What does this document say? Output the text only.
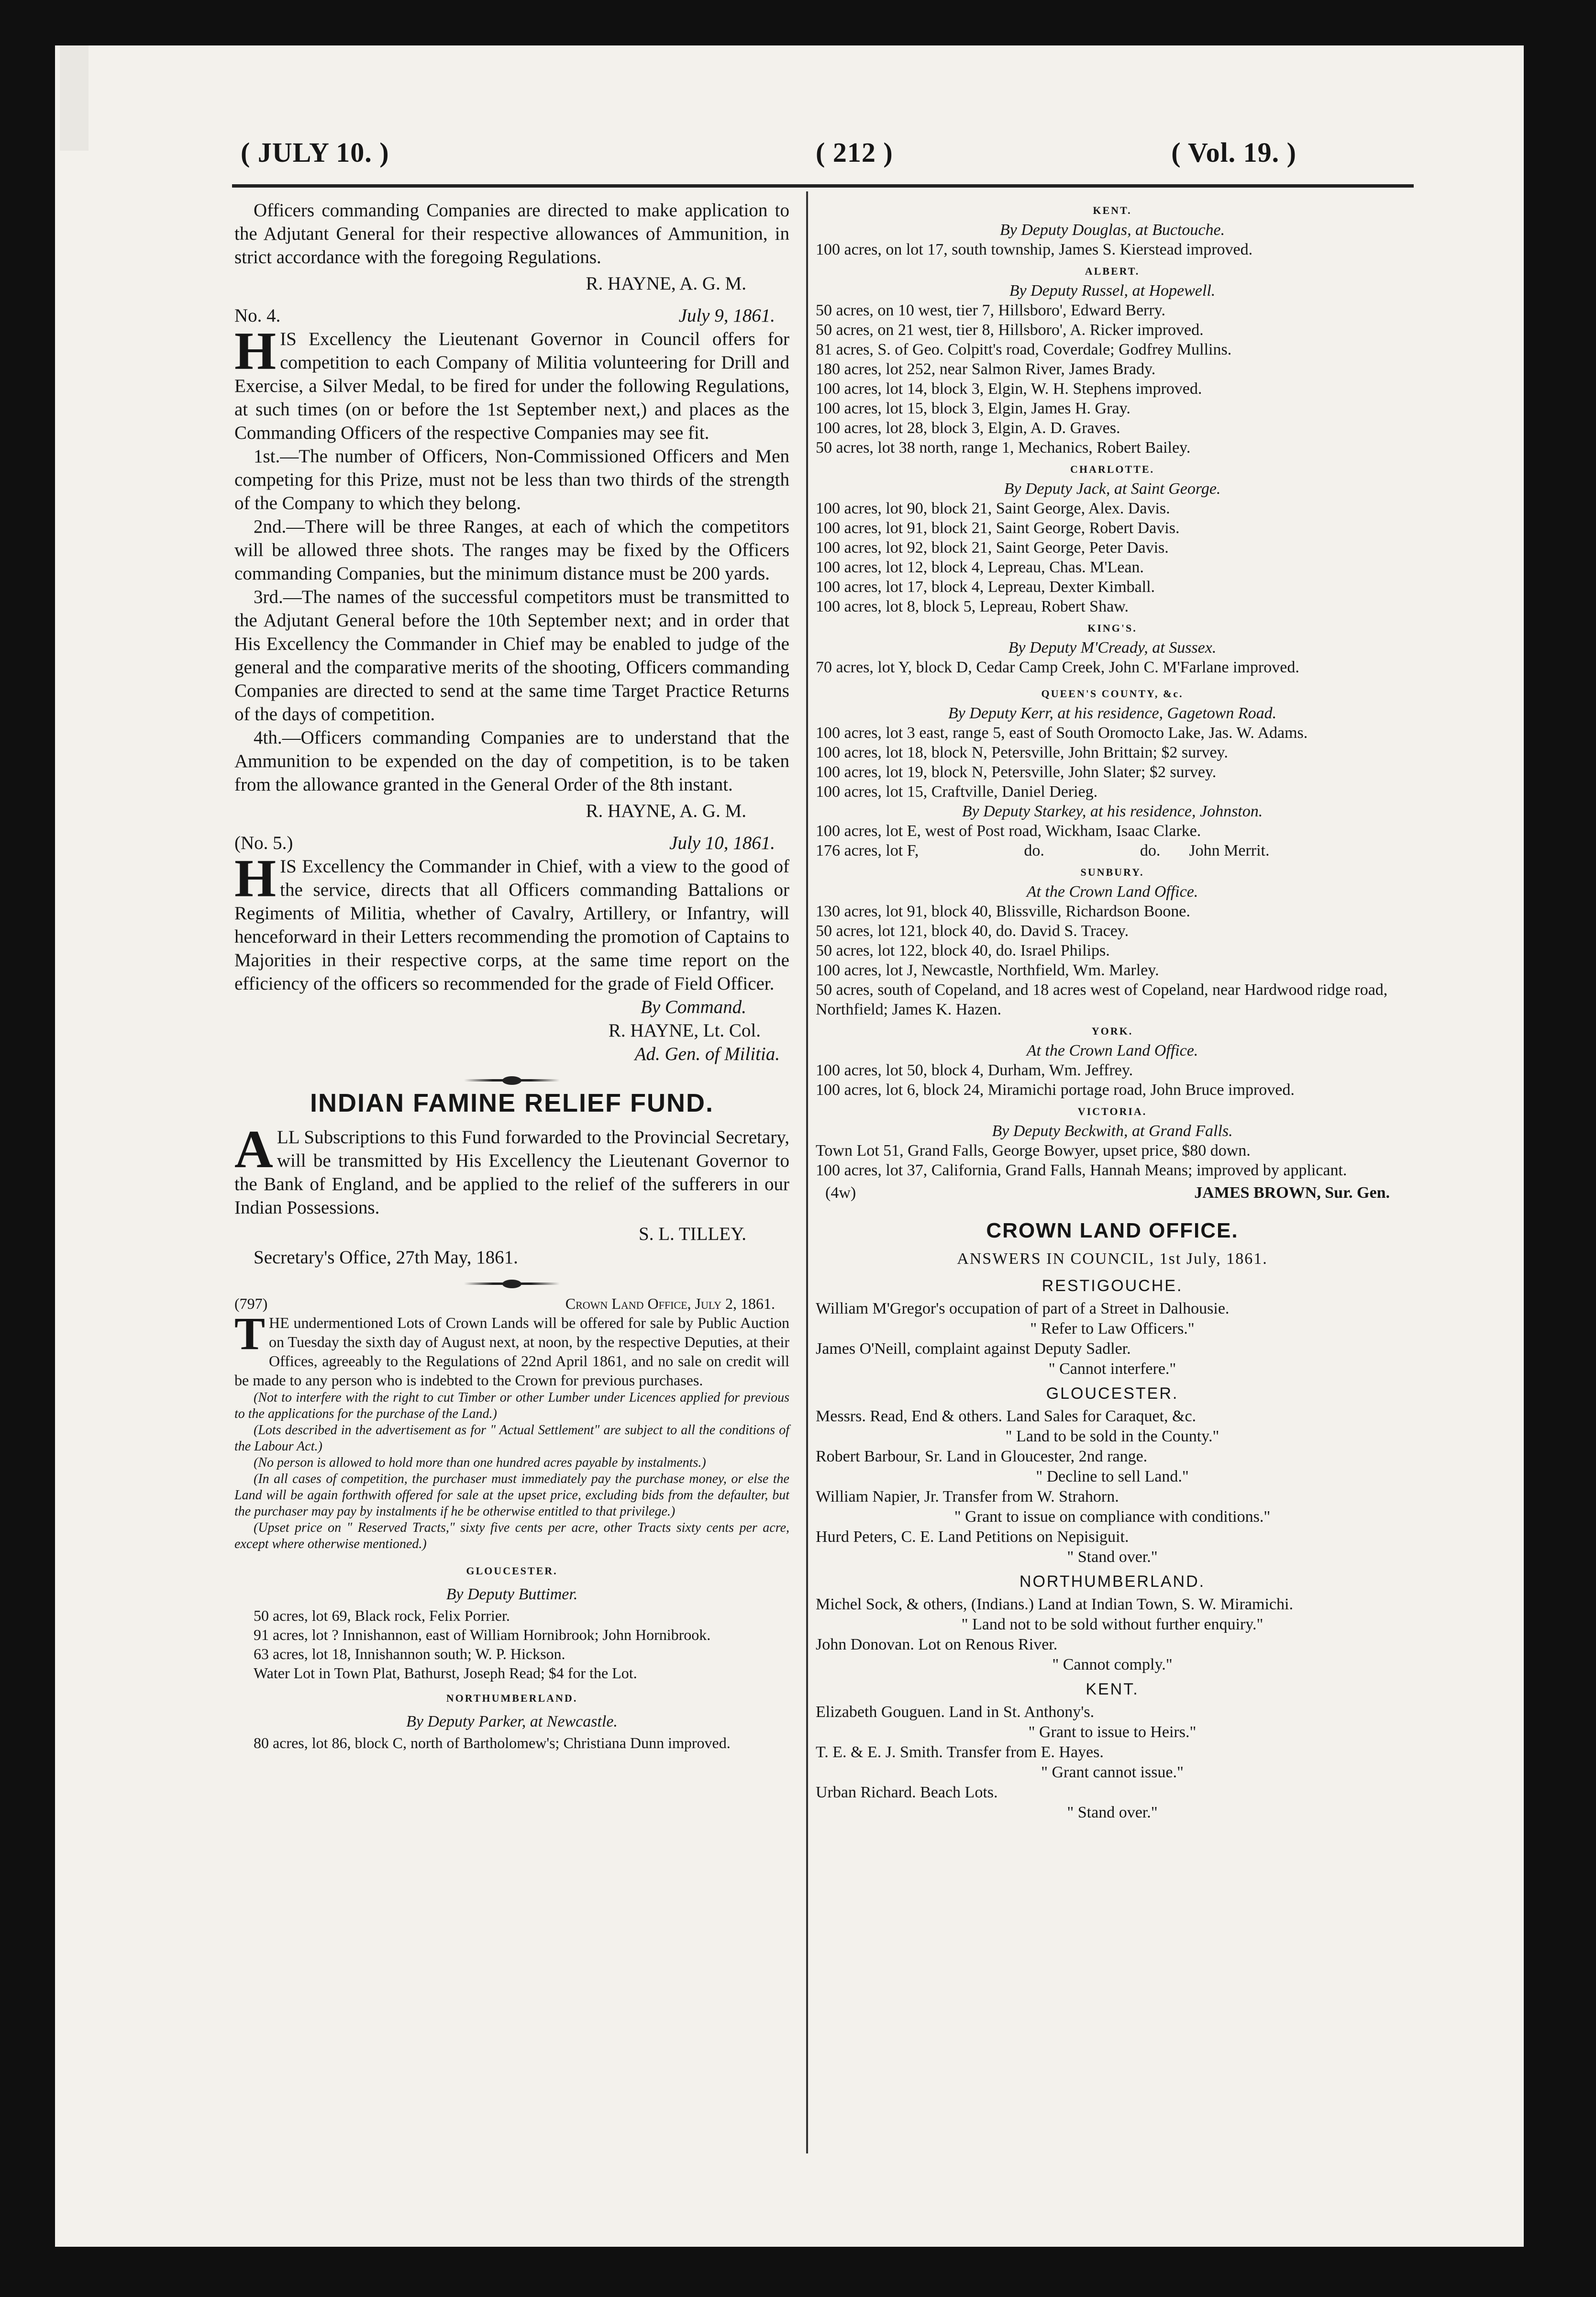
( JULY 10. )	( 212 )	( Vol. 19. )

Officers commanding Companies are directed to make application to the Adjutant General for their respective allowances of Ammunition, in strict accordance with the foregoing Regulations.

R. HAYNE, A. G. M.

No. 4.	July 9, 1861.

HIS Excellency the Lieutenant Governor in Council offers for competition to each Company of Militia volunteering for Drill and Exercise, a Silver Medal, to be fired for under the following Regulations, at such times (on or before the 1st September next,) and places as the Commanding Officers of the respective Companies may see fit.

1st.—The number of Officers, Non-Commissioned Officers and Men competing for this Prize, must not be less than two thirds of the strength of the Company to which they belong.

2nd.—There will be three Ranges, at each of which the competitors will be allowed three shots. The ranges may be fixed by the Officers commanding Companies, but the minimum distance must be 200 yards.

3rd.—The names of the successful competitors must be transmitted to the Adjutant General before the 10th September next; and in order that His Excellency the Commander in Chief may be enabled to judge of the general and the comparative merits of the shooting, Officers commanding Companies are directed to send at the same time Target Practice Returns of the days of competition.

4th.—Officers commanding Companies are to understand that the Ammunition to be expended on the day of competition, is to be taken from the allowance granted in the General Order of the 8th instant.

R. HAYNE, A. G. M.

(No. 5.)	July 10, 1861.

HIS Excellency the Commander in Chief, with a view to the good of the service, directs that all Officers commanding Battalions or Regiments of Militia, whether of Cavalry, Artillery, or Infantry, will henceforward in their Letters recommending the promotion of Captains to Majorities in their respective corps, at the same time report on the efficiency of the officers so recommended for the grade of Field Officer.

By Command.

R. HAYNE, Lt. Col.

Ad. Gen. of Militia.

INDIAN FAMINE RELIEF FUND.

ALL Subscriptions to this Fund forwarded to the Provincial Secretary, will be transmitted by His Excellency the Lieutenant Governor to the Bank of England, and be applied to the relief of the sufferers in our Indian Possessions.

S. L. TILLEY.

Secretary's Office, 27th May, 1861.

(797)	Crown Land Office, July 2, 1861.

THE undermentioned Lots of Crown Lands will be offered for sale by Public Auction on Tuesday the sixth day of August next, at noon, by the respective Deputies, at their Offices, agreeably to the Regulations of 22nd April 1861, and no sale on credit will be made to any person who is indebted to the Crown for previous purchases.

(Not to interfere with the right to cut Timber or other Lumber under Licences applied for previous to the applications for the purchase of the Land.)

(Lots described in the advertisement as for " Actual Settlement" are subject to all the conditions of the Labour Act.)

(No person is allowed to hold more than one hundred acres payable by instalments.)

(In all cases of competition, the purchaser must immediately pay the purchase money, or else the Land will be again forthwith offered for sale at the upset price, excluding bids from the defaulter, but the purchaser may pay by instalments if he be otherwise entitled to that privilege.)

(Upset price on " Reserved Tracts," sixty five cents per acre, other Tracts sixty cents per acre, except where otherwise mentioned.)

GLOUCESTER.
By Deputy Buttimer.

50 acres, lot 69, Black rock, Felix Porrier.

91 acres, lot ? Innishannon, east of William Hornibrook; John Hornibrook.

63 acres, lot 18, Innishannon south; W. P. Hickson.

Water Lot in Town Plat, Bathurst, Joseph Read; $4 for the Lot.

NORTHUMBERLAND.
By Deputy Parker, at Newcastle.

80 acres, lot 86, block C, north of Bartholomew's; Christiana Dunn improved.

KENT.
By Deputy Douglas, at Buctouche.

100 acres, on lot 17, south township, James S. Kierstead improved.

ALBERT.
By Deputy Russel, at Hopewell.

50 acres, on 10 west, tier 7, Hillsboro', Edward Berry.

50 acres, on 21 west, tier 8, Hillsboro', A. Ricker improved.

81 acres, S. of Geo. Colpitt's road, Coverdale; Godfrey Mullins.

180 acres, lot 252, near Salmon River, James Brady.

100 acres, lot 14, block 3, Elgin, W. H. Stephens improved.

100 acres, lot 15, block 3, Elgin, James H. Gray.

100 acres, lot 28, block 3, Elgin, A. D. Graves.

50 acres, lot 38 north, range 1, Mechanics, Robert Bailey.

CHARLOTTE.
By Deputy Jack, at Saint George.

100 acres, lot 90, block 21, Saint George, Alex. Davis.

100 acres, lot 91, block 21, Saint George, Robert Davis.

100 acres, lot 92, block 21, Saint George, Peter Davis.

100 acres, lot 12, block 4, Lepreau, Chas. M'Lean.

100 acres, lot 17, block 4, Lepreau, Dexter Kimball.

100 acres, lot 8, block 5, Lepreau, Robert Shaw.

KING'S.
By Deputy M'Cready, at Sussex.

70 acres, lot Y, block D, Cedar Camp Creek, John C. M'Farlane improved.

QUEEN'S COUNTY, &c.
By Deputy Kerr, at his residence, Gagetown Road.

100 acres, lot 3 east, range 5, east of South Oromocto Lake, Jas. W. Adams.

100 acres, lot 18, block N, Petersville, John Brittain; $2 survey.

100 acres, lot 19, block N, Petersville, John Slater; $2 survey.

100 acres, lot 15, Craftville, Daniel Derieg.

By Deputy Starkey, at his residence, Johnston.

100 acres, lot E, west of Post road, Wickham, Isaac Clarke.

176 acres, lot F,	do.	do. John Merrit.

SUNBURY.
At the Crown Land Office.

130 acres, lot 91, block 40, Blissville, Richardson Boone.

50 acres, lot 121, block 40, do. David S. Tracey.

50 acres, lot 122, block 40, do. Israel Philips.

100 acres, lot J, Newcastle, Northfield, Wm. Marley.

50 acres, south of Copeland, and 18 acres west of Copeland, near Hardwood ridge road, Northfield; James K. Hazen.

YORK.
At the Crown Land Office.

100 acres, lot 50, block 4, Durham, Wm. Jeffrey.

100 acres, lot 6, block 24, Miramichi portage road, John Bruce improved.

VICTORIA.
By Deputy Beckwith, at Grand Falls.

Town Lot 51, Grand Falls, George Bowyer, upset price, $80 down.

100 acres, lot 37, California, Grand Falls, Hannah Means; improved by applicant.

(4w)	JAMES BROWN, Sur. Gen.
CROWN LAND OFFICE.
ANSWERS IN COUNCIL, 1st July, 1861.
RESTIGOUCHE.

William M'Gregor's occupation of part of a Street in Dalhousie.

" Refer to Law Officers."

James O'Neill, complaint against Deputy Sadler.

" Cannot interfere."

GLOUCESTER.

Messrs. Read, End & others. Land Sales for Caraquet, &c.

" Land to be sold in the County."

Robert Barbour, Sr. Land in Gloucester, 2nd range.

" Decline to sell Land."

William Napier, Jr. Transfer from W. Strahorn.

" Grant to issue on compliance with conditions."

Hurd Peters, C. E. Land Petitions on Nepisiguit.

" Stand over."

NORTHUMBERLAND.

Michel Sock, & others, (Indians.) Land at Indian Town, S. W. Miramichi.

" Land not to be sold without further enquiry."

John Donovan. Lot on Renous River.

" Cannot comply."

KENT.

Elizabeth Gouguen. Land in St. Anthony's.

" Grant to issue to Heirs."

T. E. & E. J. Smith. Transfer from E. Hayes.

" Grant cannot issue."

Urban Richard. Beach Lots.

" Stand over."
